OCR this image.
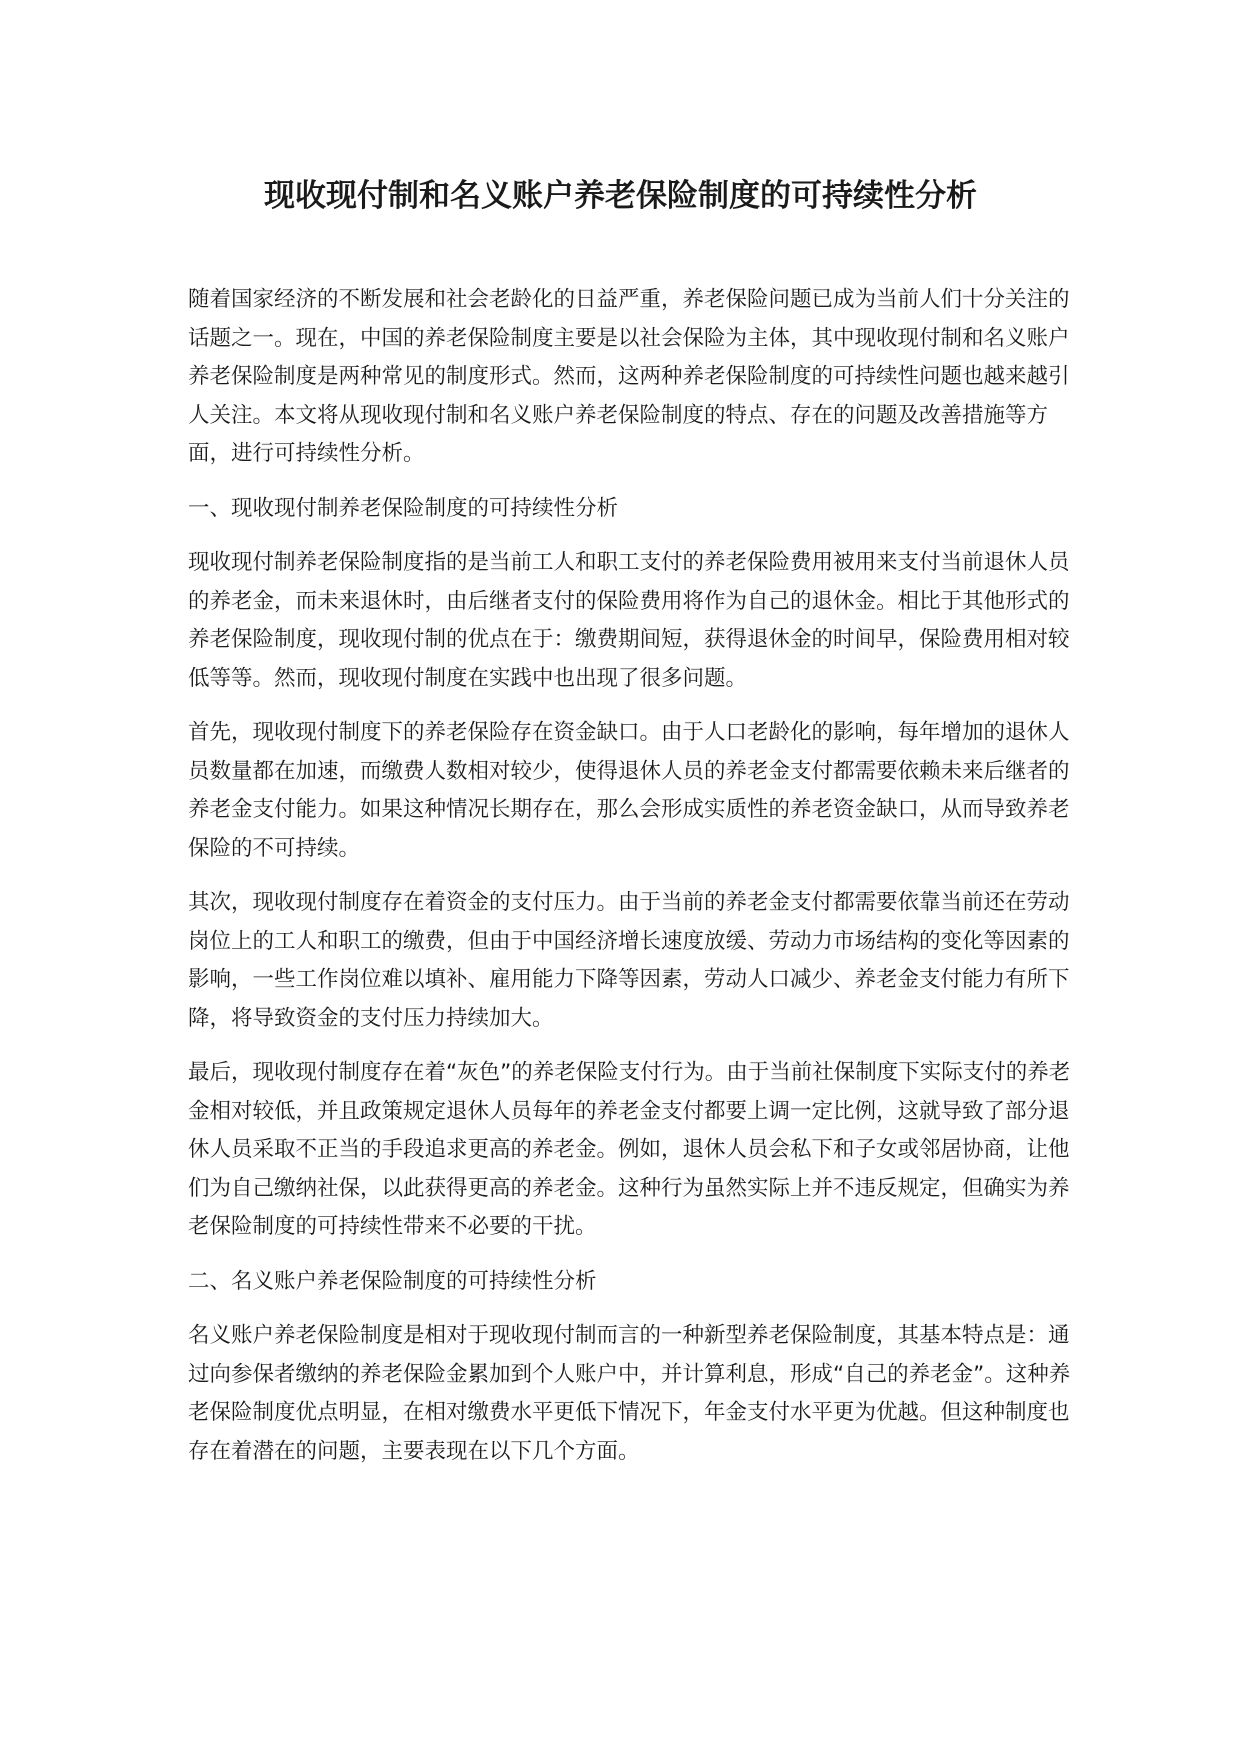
现收现付制和名义账户养老保险制度的可持续性分析

随着国家经济的不断发展和社会老龄化的日益严重，养老保险问题已成为当前人们十分关注的话题之一。现在，中国的养老保险制度主要是以社会保险为主体，其中现收现付制和名义账户养老保险制度是两种常见的制度形式。然而，这两种养老保险制度的可持续性问题也越来越引人关注。本文将从现收现付制和名义账户养老保险制度的特点、存在的问题及改善措施等方面，进行可持续性分析。

一、现收现付制养老保险制度的可持续性分析

现收现付制养老保险制度指的是当前工人和职工支付的养老保险费用被用来支付当前退休人员的养老金，而未来退休时，由后继者支付的保险费用将作为自己的退休金。相比于其他形式的养老保险制度，现收现付制的优点在于：缴费期间短，获得退休金的时间早，保险费用相对较低等等。然而，现收现付制度在实践中也出现了很多问题。

首先，现收现付制度下的养老保险存在资金缺口。由于人口老龄化的影响，每年增加的退休人员数量都在加速，而缴费人数相对较少，使得退休人员的养老金支付都需要依赖未来后继者的养老金支付能力。如果这种情况长期存在，那么会形成实质性的养老资金缺口，从而导致养老保险的不可持续。

其次，现收现付制度存在着资金的支付压力。由于当前的养老金支付都需要依靠当前还在劳动岗位上的工人和职工的缴费，但由于中国经济增长速度放缓、劳动力市场结构的变化等因素的影响，一些工作岗位难以填补、雇用能力下降等因素，劳动人口减少、养老金支付能力有所下降，将导致资金的支付压力持续加大。

最后，现收现付制度存在着“灰色”的养老保险支付行为。由于当前社保制度下实际支付的养老金相对较低，并且政策规定退休人员每年的养老金支付都要上调一定比例，这就导致了部分退休人员采取不正当的手段追求更高的养老金。例如，退休人员会私下和子女或邻居协商，让他们为自己缴纳社保，以此获得更高的养老金。这种行为虽然实际上并不违反规定，但确实为养老保险制度的可持续性带来不必要的干扰。

二、名义账户养老保险制度的可持续性分析

名义账户养老保险制度是相对于现收现付制而言的一种新型养老保险制度，其基本特点是：通过向参保者缴纳的养老保险金累加到个人账户中，并计算利息，形成“自己的养老金”。这种养老保险制度优点明显，在相对缴费水平更低下情况下，年金支付水平更为优越。但这种制度也存在着潜在的问题，主要表现在以下几个方面。
